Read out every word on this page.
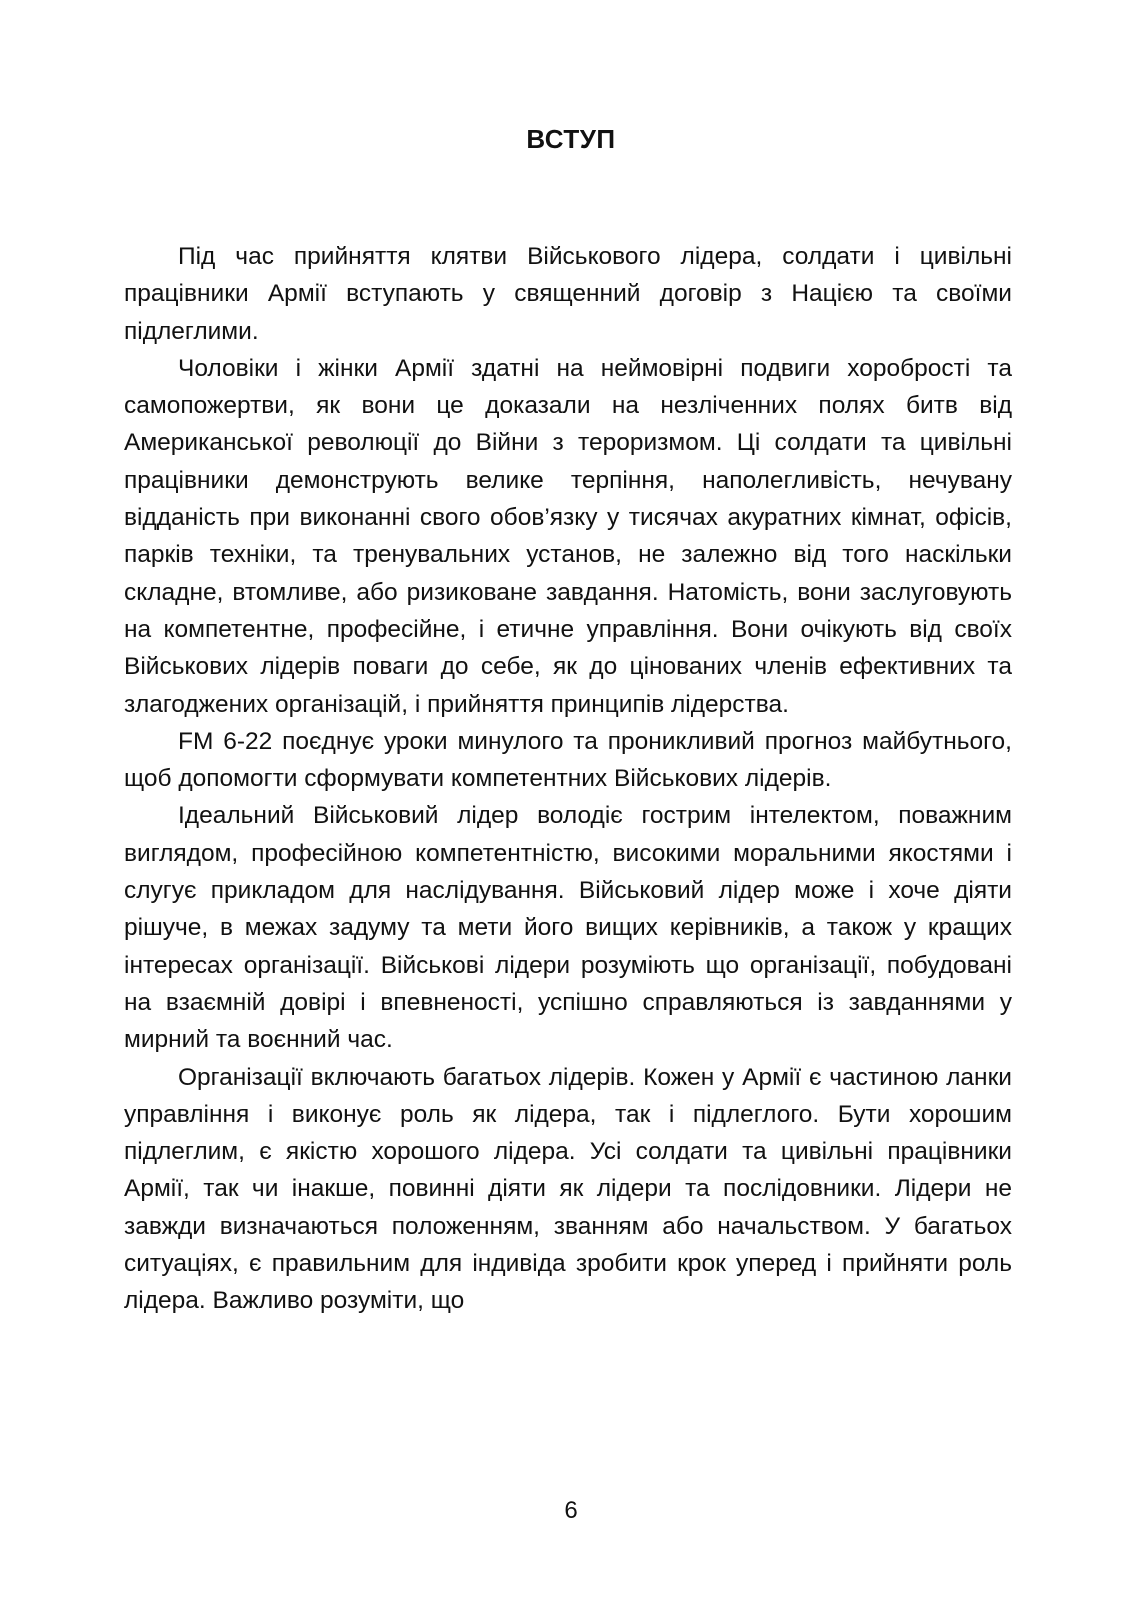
ВСТУП

Під час прийняття клятви Військового лідера, солдати і цивільні працівники Армії вступають у священний договір з Нацією та своїми підлеглими.

Чоловіки і жінки Армії здатні на неймовірні подвиги хоробрості та самопожертви, як вони це доказали на незліченних полях битв від Американської революції до Війни з тероризмом. Ці солдати та цивільні працівники демонструють велике терпіння, наполегливість, нечувану відданість при виконанні свого обов’язку у тисячах акуратних кімнат, офісів, парків техніки, та тренувальних установ, не залежно від того наскільки складне, втомливе, або ризиковане завдання. Натомість, вони заслуговують на компетентне, професійне, і етичне управління. Вони очікують від своїх Військових лідерів поваги до себе, як до цінованих членів ефективних та злагоджених організацій, і прийняття принципів лідерства.

FM 6-22 поєднує уроки минулого та проникливий прогноз майбутнього, щоб допомогти сформувати компетентних Військових лідерів.

Ідеальний Військовий лідер володіє гострим інтелектом, поважним виглядом, професійною компетентністю, високими моральними якостями і слугує прикладом для наслідування. Військовий лідер може і хоче діяти рішуче, в межах задуму та мети його вищих керівників, а також у кращих інтересах організації. Військові лідери розуміють що організації, побудовані на взаємній довірі і впевненості, успішно справляються із завданнями у мирний та воєнний час.

Організації включають багатьох лідерів. Кожен у Армії є частиною ланки управління і виконує роль як лідера, так і підлеглого. Бути хорошим підлеглим, є якістю хорошого лідера. Усі солдати та цивільні працівники Армії, так чи інакше, повинні діяти як лідери та послідовники. Лідери не завжди визначаються положенням, званням або начальством. У багатьох ситуаціях, є правильним для індивіда зробити крок уперед і прийняти роль лідера. Важливо розуміти, що

6
